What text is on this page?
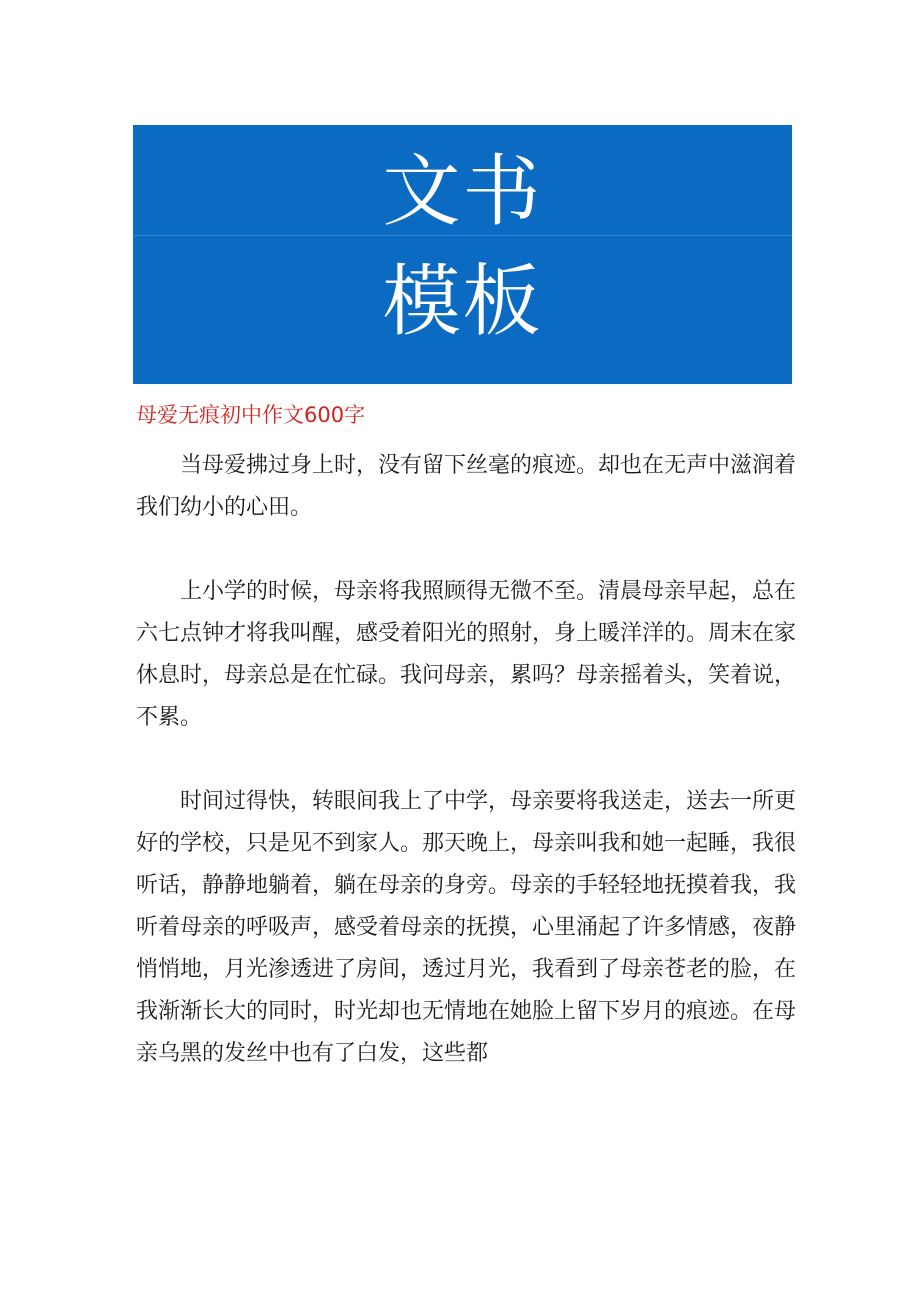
文书
模板
母爱无痕初中作文600字

当母爱拂过身上时，没有留下丝毫的痕迹。却也在无声中滋润着我们幼小的心田。

上小学的时候，母亲将我照顾得无微不至。清晨母亲早起，总在六七点钟才将我叫醒，感受着阳光的照射，身上暖洋洋的。周末在家休息时，母亲总是在忙碌。我问母亲，累吗？母亲摇着头，笑着说，不累。

时间过得快，转眼间我上了中学，母亲要将我送走，送去一所更好的学校，只是见不到家人。那天晚上，母亲叫我和她一起睡，我很听话，静静地躺着，躺在母亲的身旁。母亲的手轻轻地抚摸着我，我听着母亲的呼吸声，感受着母亲的抚摸，心里涌起了许多情感，夜静悄悄地，月光渗透进了房间，透过月光，我看到了母亲苍老的脸，在我渐渐长大的同时，时光却也无情地在她脸上留下岁月的痕迹。在母亲乌黑的发丝中也有了白发，这些都
